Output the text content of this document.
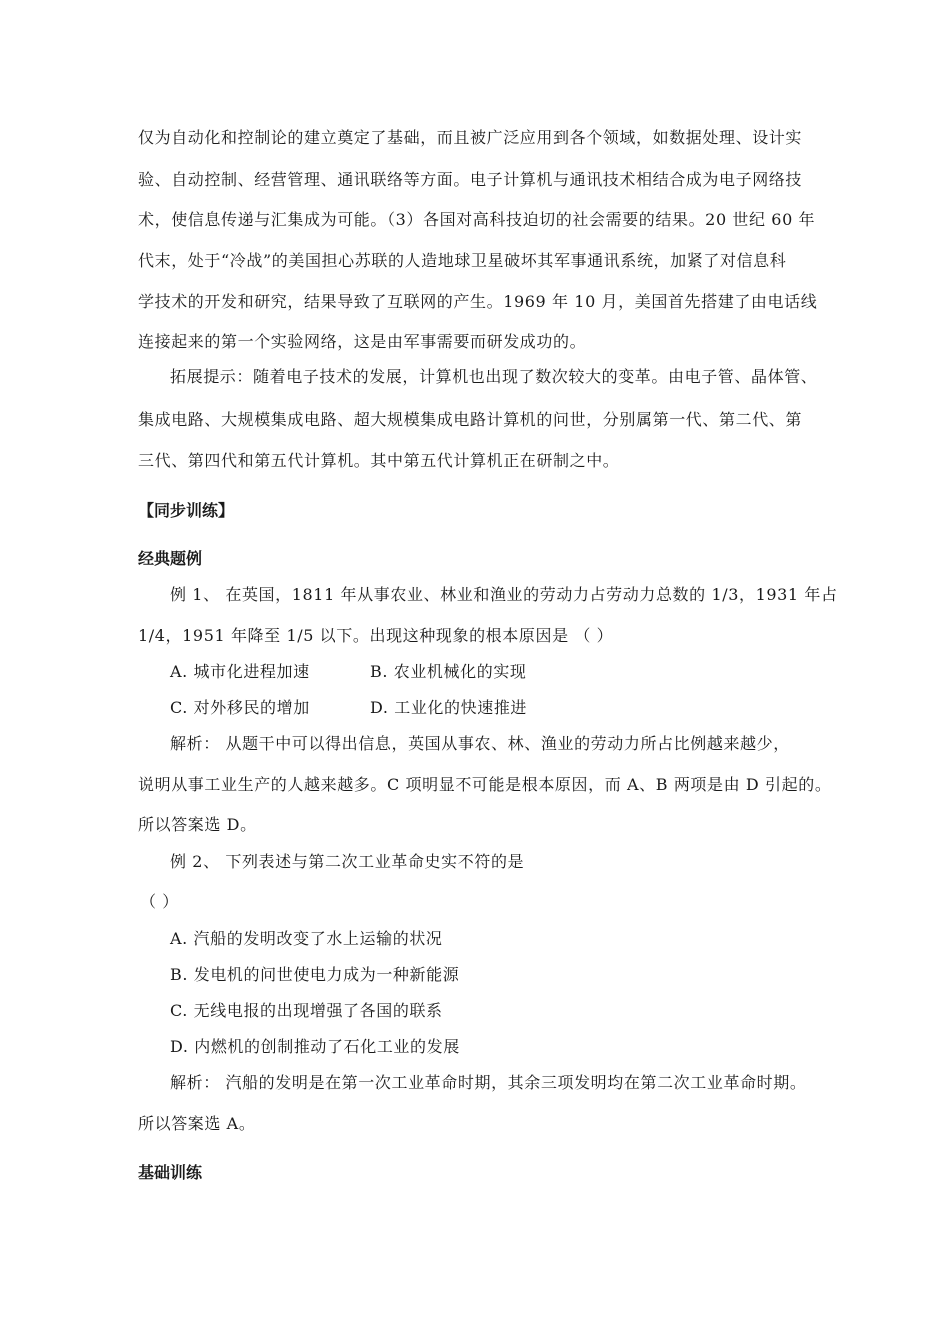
仅为自动化和控制论的建立奠定了基础，而且被广泛应用到各个领域，如数据处理、设计实
验、自动控制、经营管理、通讯联络等方面。电子计算机与通讯技术相结合成为电子网络技
术，使信息传递与汇集成为可能。（3）各国对高科技迫切的社会需要的结果。20 世纪 60 年
代末，处于“冷战”的美国担心苏联的人造地球卫星破坏其军事通讯系统，加紧了对信息科
学技术的开发和研究，结果导致了互联网的产生。1969 年 10 月，美国首先搭建了由电话线
连接起来的第一个实验网络，这是由军事需要而研发成功的。
拓展提示：随着电子技术的发展，计算机也出现了数次较大的变革。由电子管、晶体管、
集成电路、大规模集成电路、超大规模集成电路计算机的问世，分别属第一代、第二代、第
三代、第四代和第五代计算机。其中第五代计算机正在研制之中。
【同步训练】
经典题例
例 1、 在英国，1811 年从事农业、林业和渔业的劳动力占劳动力总数的 1/3，1931 年占
1/4，1951 年降至 1/5 以下。出现这种现象的根本原因是 （ ）
A. 城市化进程加速	B. 农业机械化的实现
C. 对外移民的增加	D. 工业化的快速推进
解析： 从题干中可以得出信息，英国从事农、林、渔业的劳动力所占比例越来越少，
说明从事工业生产的人越来越多。C 项明显不可能是根本原因，而 A、B 两项是由 D 引起的。
所以答案选 D。
例 2、 下列表述与第二次工业革命史实不符的是
（ ）
A. 汽船的发明改变了水上运输的状况
B. 发电机的问世使电力成为一种新能源
C. 无线电报的出现增强了各国的联系
D. 内燃机的创制推动了石化工业的发展
解析： 汽船的发明是在第一次工业革命时期，其余三项发明均在第二次工业革命时期。
所以答案选 A。
基础训练
